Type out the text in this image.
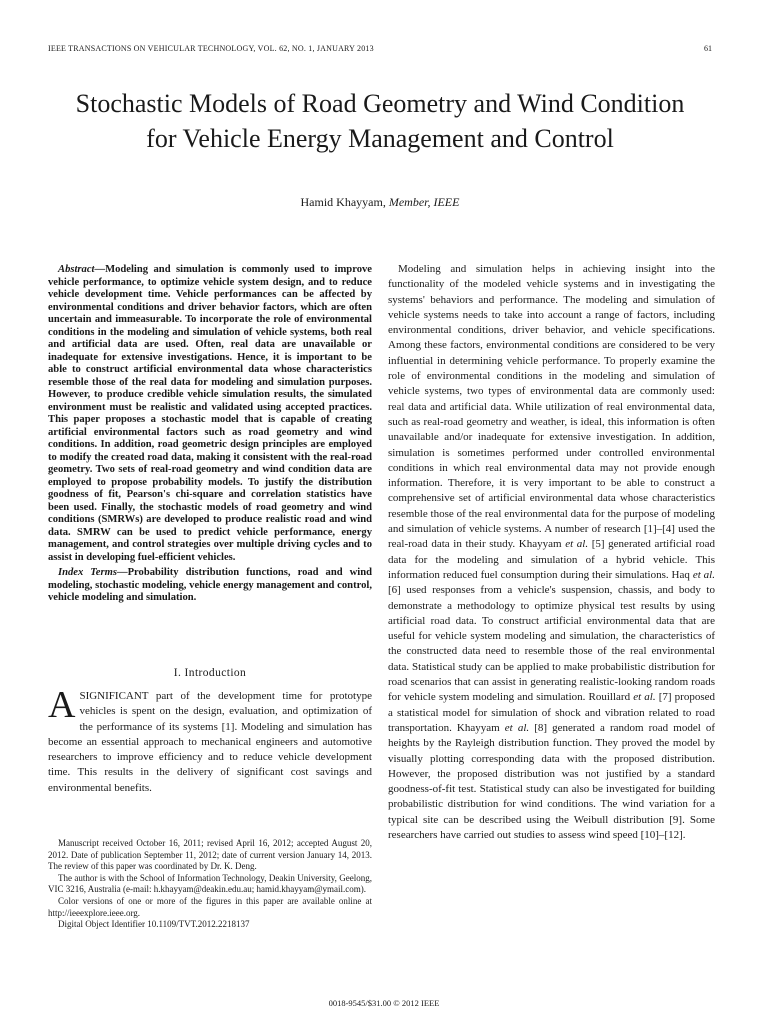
IEEE TRANSACTIONS ON VEHICULAR TECHNOLOGY, VOL. 62, NO. 1, JANUARY 2013	61
Stochastic Models of Road Geometry and Wind Condition for Vehicle Energy Management and Control
Hamid Khayyam, Member, IEEE

Abstract—Modeling and simulation is commonly used to improve vehicle performance, to optimize vehicle system design, and to reduce vehicle development time. Vehicle performances can be affected by environmental conditions and driver behavior factors, which are often uncertain and immeasurable. To incorporate the role of environmental conditions in the modeling and simulation of vehicle systems, both real and artificial data are used. Often, real data are unavailable or inadequate for extensive investigations. Hence, it is important to be able to construct artificial environmental data whose characteristics resemble those of the real data for modeling and simulation purposes. However, to produce credible vehicle simulation results, the simulated environment must be realistic and validated using accepted practices. This paper proposes a stochastic model that is capable of creating artificial environmental factors such as road geometry and wind conditions. In addition, road geometric design principles are employed to modify the created road data, making it consistent with the real-road geometry. Two sets of real-road geometry and wind condition data are employed to propose probability models. To justify the distribution goodness of fit, Pearson's chi-square and correlation statistics have been used. Finally, the stochastic models of road geometry and wind conditions (SMRWs) are developed to produce realistic road and wind data. SMRW can be used to predict vehicle performance, energy management, and control strategies over multiple driving cycles and to assist in developing fuel-efficient vehicles.

Index Terms—Probability distribution functions, road and wind modeling, stochastic modeling, vehicle energy management and control, vehicle modeling and simulation.

I. Introduction
A SIGNIFICANT part of the development time for prototype vehicles is spent on the design, evaluation, and optimization of the performance of its systems [1]. Modeling and simulation has become an essential approach to mechanical engineers and automotive researchers to improve efficiency and to reduce vehicle development time. This results in the delivery of significant cost savings and environmental benefits.

Manuscript received October 16, 2011; revised April 16, 2012; accepted August 20, 2012. Date of publication September 11, 2012; date of current version January 14, 2013. The review of this paper was coordinated by Dr. K. Deng.

The author is with the School of Information Technology, Deakin University, Geelong, VIC 3216, Australia (e-mail: h.khayyam@deakin.edu.au; hamid.khayyam@ymail.com).

Color versions of one or more of the figures in this paper are available online at http://ieeexplore.ieee.org.

Digital Object Identifier 10.1109/TVT.2012.2218137

Modeling and simulation helps in achieving insight into the functionality of the modeled vehicle systems and in investigating the systems' behaviors and performance. The modeling and simulation of vehicle systems needs to take into account a range of factors, including environmental conditions, driver behavior, and vehicle specifications. Among these factors, environmental conditions are considered to be very influential in determining vehicle performance. To properly examine the role of environmental conditions in the modeling and simulation of vehicle systems, two types of environmental data are commonly used: real data and artificial data. While utilization of real environmental data, such as real-road geometry and weather, is ideal, this information is often unavailable and/or inadequate for extensive investigation. In addition, simulation is sometimes performed under controlled environmental conditions in which real environmental data may not provide enough information. Therefore, it is very important to be able to construct a comprehensive set of artificial environmental data whose characteristics resemble those of the real environmental data for the purpose of modeling and simulation of vehicle systems. A number of research [1]–[4] used the real-road data in their study. Khayyam et al. [5] generated artificial road data for the modeling and simulation of a hybrid vehicle. This information reduced fuel consumption during their simulations. Haq et al. [6] used responses from a vehicle's suspension, chassis, and body to demonstrate a methodology to optimize physical test results by using artificial road data. To construct artificial environmental data that are useful for vehicle system modeling and simulation, the characteristics of the constructed data need to resemble those of the real environmental data. Statistical study can be applied to make probabilistic distribution for road scenarios that can assist in generating realistic-looking random roads for vehicle system modeling and simulation. Rouillard et al. [7] proposed a statistical model for simulation of shock and vibration related to road transportation. Khayyam et al. [8] generated a random road model of heights by the Rayleigh distribution function. They proved the model by visually plotting corresponding data with the proposed distribution. However, the proposed distribution was not justified by a standard goodness-of-fit test. Statistical study can also be investigated for building probabilistic distribution for wind conditions. The wind variation for a typical site can be described using the Weibull distribution [9]. Some researchers have carried out studies to assess wind speed [10]–[12].
0018-9545/$31.00 © 2012 IEEE
